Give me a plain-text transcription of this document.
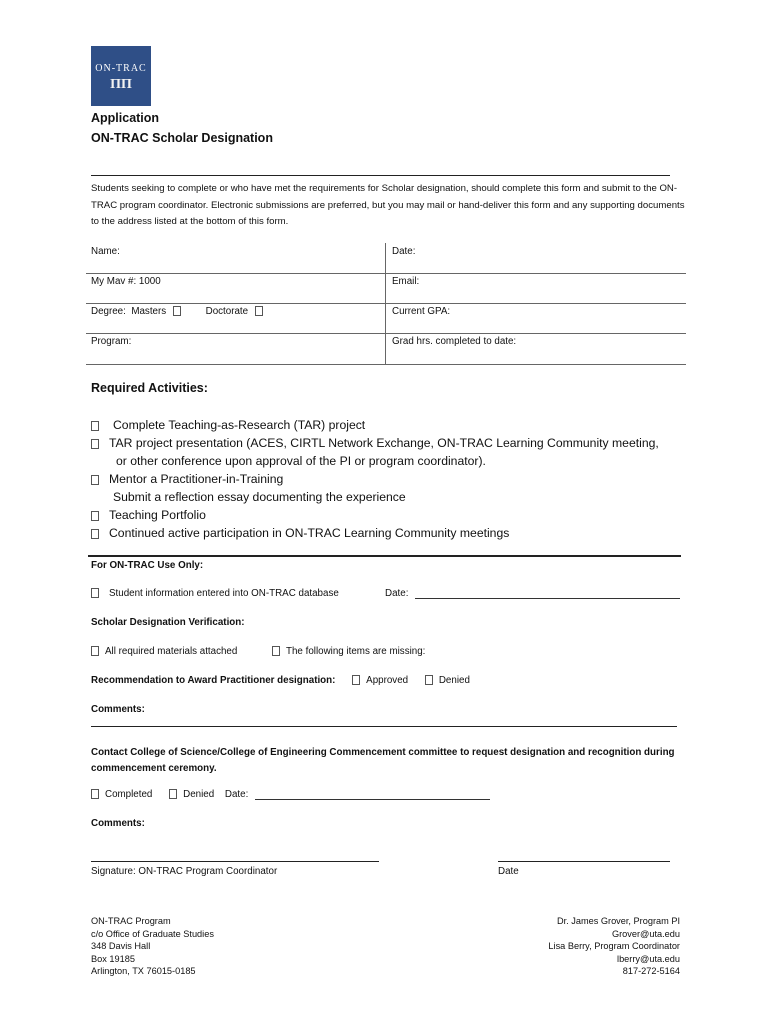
ON-TRAC
ΠΠ
Application
ON-TRAC Scholar Designation
Students seeking to complete or who have met the requirements for Scholar designation, should complete this form and submit to the ON-TRAC program coordinator. Electronic submissions are preferred, but you may mail or hand-deliver this form and any supporting documents to the address listed at the bottom of this form.
Name:	Date:
My Mav #: 1000	Email:
Degree: Masters	Doctorate	Current GPA:
Program:	Grad hrs. completed to date:
Required Activities:
Complete Teaching-as-Research (TAR) project
TAR project presentation (ACES, CIRTL Network Exchange, ON-TRAC Learning Community meeting,
or other conference upon approval of the PI or program coordinator).
Mentor a Practitioner-in-Training
Submit a reflection essay documenting the experience
Teaching Portfolio
Continued active participation in ON-TRAC Learning Community meetings
For ON-TRAC Use Only:
Student information entered into ON-TRAC database	Date:
Scholar Designation Verification:
All required materials attached	The following items are missing:
Recommendation to Award Practitioner designation:	Approved	Denied
Comments:
Contact College of Science/College of Engineering Commencement committee to request designation and recognition during commencement ceremony.
Completed	Denied Date:
Comments:
Signature: ON-TRAC Program Coordinator	Date
ON-TRAC Program
c/o Office of Graduate Studies
348 Davis Hall
Box 19185
Arlington, TX 76015-0185
Dr. James Grover, Program PI
Grover@uta.edu
Lisa Berry, Program Coordinator
lberry@uta.edu
817-272-5164
